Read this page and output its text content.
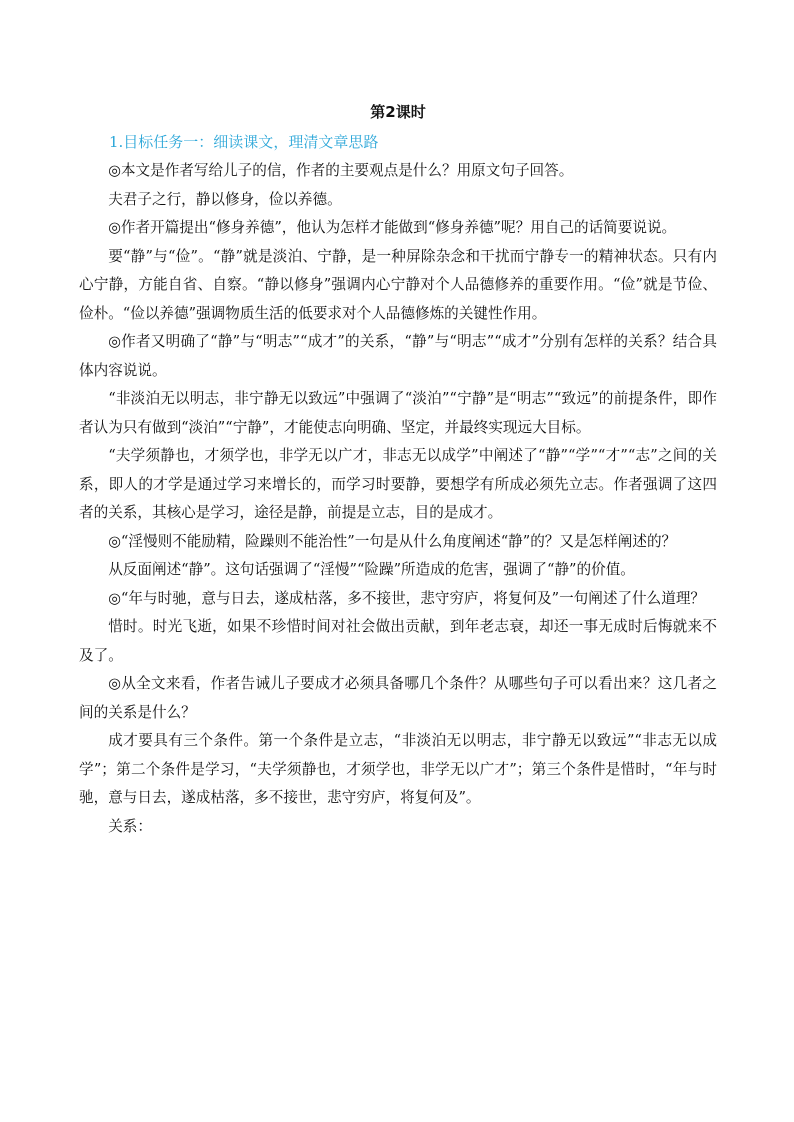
第2课时

1.目标任务一：细读课文，理清文章思路

◎本文是作者写给儿子的信，作者的主要观点是什么？用原文句子回答。

夫君子之行，静以修身，俭以养德。

◎作者开篇提出“修身养德”，他认为怎样才能做到“修身养德”呢？用自己的话简要说说。

要“静”与“俭”。“静”就是淡泊、宁静，是一种屏除杂念和干扰而宁静专一的精神状态。只有内心宁静，方能自省、自察。“静以修身”强调内心宁静对个人品德修养的重要作用。“俭”就是节俭、俭朴。“俭以养德”强调物质生活的低要求对个人品德修炼的关键性作用。

◎作者又明确了“静”与“明志”“成才”的关系，“静”与“明志”“成才”分别有怎样的关系？结合具体内容说说。

“非淡泊无以明志，非宁静无以致远”中强调了“淡泊”“宁静”是“明志”“致远”的前提条件，即作者认为只有做到“淡泊”“宁静”，才能使志向明确、坚定，并最终实现远大目标。

“夫学须静也，才须学也，非学无以广才，非志无以成学”中阐述了“静”“学”“才”“志”之间的关系，即人的才学是通过学习来增长的，而学习时要静，要想学有所成必须先立志。作者强调了这四者的关系，其核心是学习，途径是静，前提是立志，目的是成才。

◎“淫慢则不能励精，险躁则不能治性”一句是从什么角度阐述“静”的？又是怎样阐述的？

从反面阐述“静”。这句话强调了“淫慢”“险躁”所造成的危害，强调了“静”的价值。

◎“年与时驰，意与日去，遂成枯落，多不接世，悲守穷庐，将复何及”一句阐述了什么道理？

惜时。时光飞逝，如果不珍惜时间对社会做出贡献，到年老志衰，却还一事无成时后悔就来不及了。

◎从全文来看，作者告诫儿子要成才必须具备哪几个条件？从哪些句子可以看出来？这几者之间的关系是什么？

成才要具有三个条件。第一个条件是立志，“非淡泊无以明志，非宁静无以致远”“非志无以成学”；第二个条件是学习，“夫学须静也，才须学也，非学无以广才”；第三个条件是惜时，“年与时驰，意与日去，遂成枯落，多不接世，悲守穷庐，将复何及”。

关系：
